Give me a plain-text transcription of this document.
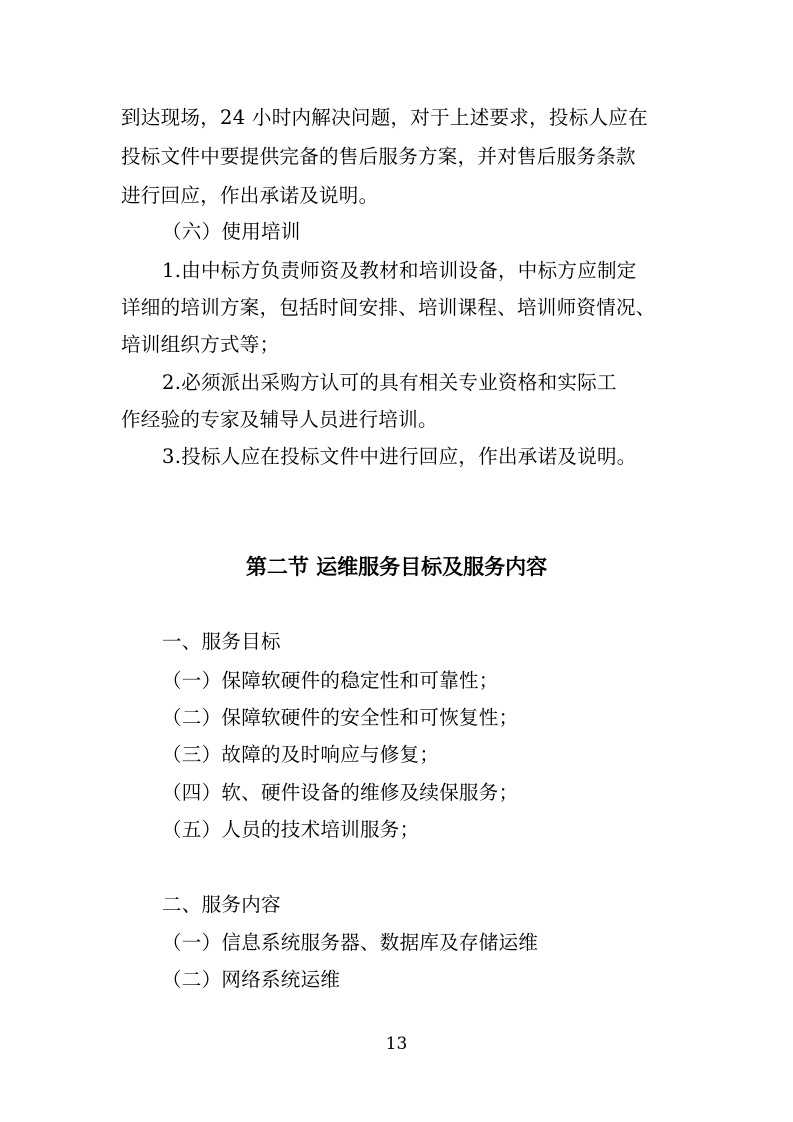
到达现场，24 小时内解决问题，对于上述要求，投标人应在
投标文件中要提供完备的售后服务方案，并对售后服务条款
进行回应，作出承诺及说明。
（六）使用培训
1.由中标方负责师资及教材和培训设备，中标方应制定
详细的培训方案，包括时间安排、培训课程、培训师资情况、
培训组织方式等；
2.必须派出采购方认可的具有相关专业资格和实际工
作经验的专家及辅导人员进行培训。
3.投标人应在投标文件中进行回应，作出承诺及说明。
第二节 运维服务目标及服务内容
一、服务目标
（一）保障软硬件的稳定性和可靠性；
（二）保障软硬件的安全性和可恢复性；
（三）故障的及时响应与修复；
（四）软、硬件设备的维修及续保服务；
（五）人员的技术培训服务；
二、服务内容
（一）信息系统服务器、数据库及存储运维
（二）网络系统运维
13
